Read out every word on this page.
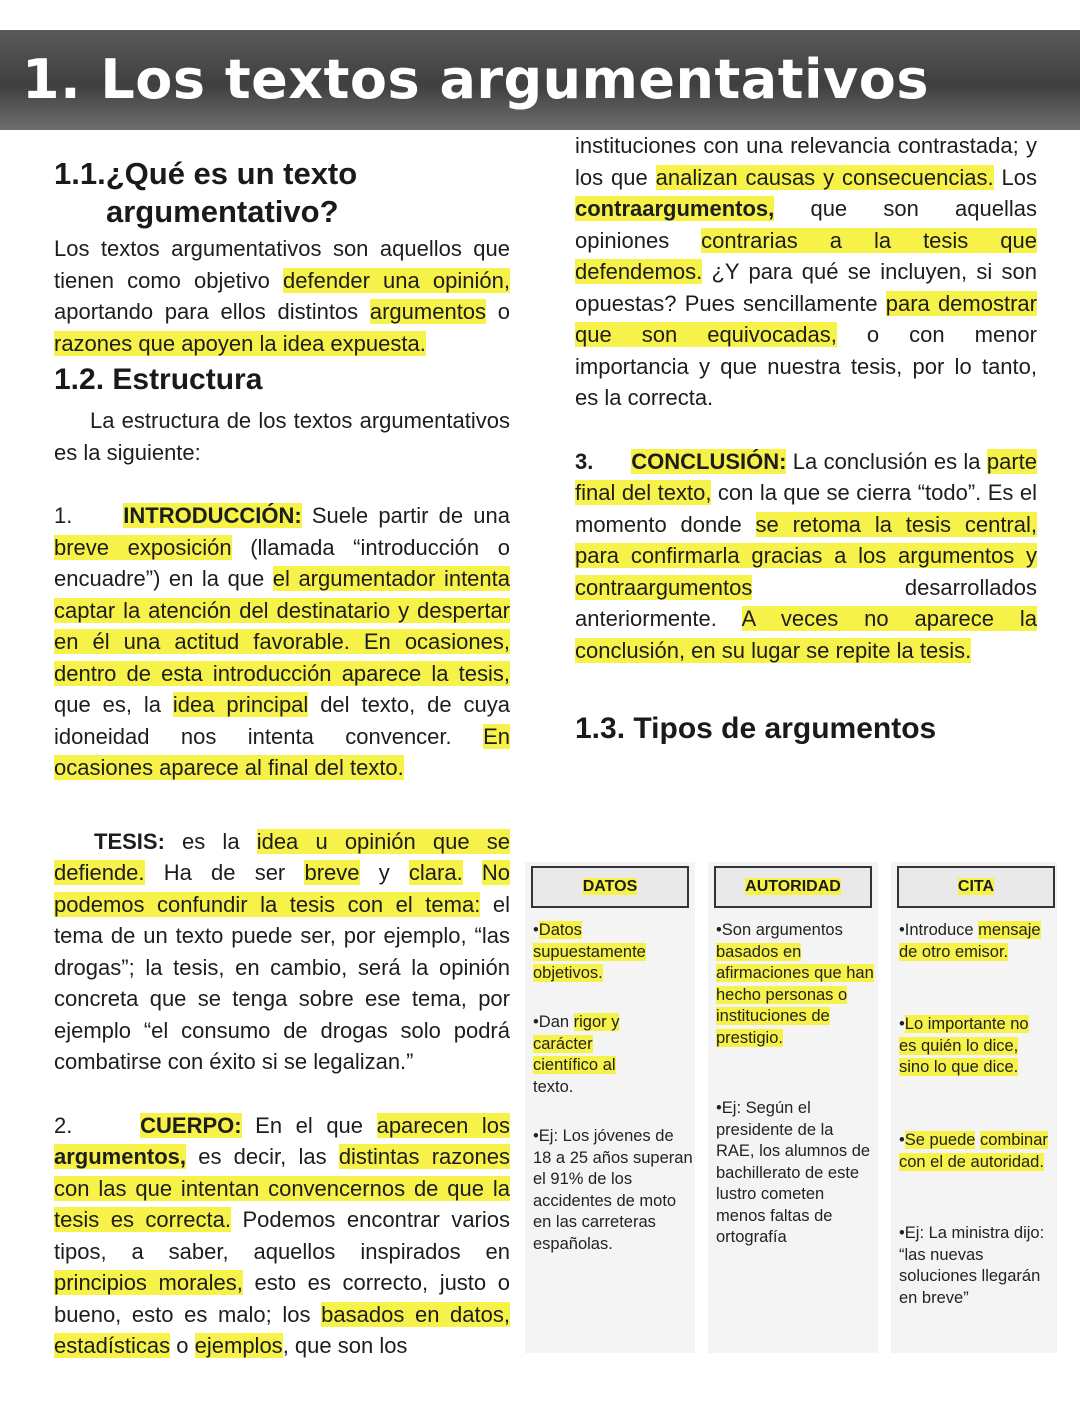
1. Los textos argumentativos
1.1.¿Qué es un texto
argumentativo?

Los textos argumentativos son aquellos que tienen como objetivo defender una opinión, aportando para ellos distintos argumentos o razones que apoyen la idea expuesta.

1.2. Estructura

La estructura de los textos argumentativos es la siguiente:

1. INTRODUCCIÓN: Suele partir de una breve exposición (llamada “introducción o encuadre”) en la que el argumentador intenta captar la atención del destinatario y despertar en él una actitud favorable. En ocasiones, dentro de esta introducción aparece la tesis, que es, la idea principal del texto, de cuya idoneidad nos intenta convencer. En ocasiones aparece al final del texto.

TESIS: es la idea u opinión que se defiende. Ha de ser breve y clara. No podemos confundir la tesis con el tema: el tema de un texto puede ser, por ejemplo, “las drogas”; la tesis, en cambio, será la opinión concreta que se tenga sobre ese tema, por ejemplo “el consumo de drogas solo podrá combatirse con éxito si se legalizan.”

2.	CUERPO: En el que aparecen los argumentos, es decir, las distintas razones con las que intentan convencernos de que la tesis es correcta. Podemos encontrar varios tipos, a saber, aquellos inspirados en principios morales, esto es correcto, justo o bueno, esto es malo; los basados en datos, estadísticas o ejemplos, que son los

instituciones con una relevancia contrastada; y los que analizan causas y consecuencias. Los contraargumentos, que son aquellas opiniones contrarias a la tesis que defendemos. ¿Y para qué se incluyen, si son opuestas? Pues sencillamente para demostrar que son equivocadas, o con menor importancia y que nuestra tesis, por lo tanto, es la correcta.

3. CONCLUSIÓN: La conclusión es la parte final del texto, con la que se cierra “todo”. Es el momento donde se retoma la tesis central, para confirmarla gracias a los argumentos y contraargumentos desarrollados anteriormente. A veces no aparece la conclusión, en su lugar se repite la tesis.

1.3. Tipos de argumentos
DATOS
•Datos supuestamente objetivos.
•Dan rigor y carácter científico al texto.
•Ej: Los jóvenes de 18 a 25 años superan el 91% de los accidentes de moto en las carreteras españolas.
AUTORIDAD
•Son argumentos basados en afirmaciones que han hecho personas o instituciones de prestigio.
•Ej: Según el presidente de la RAE, los alumnos de bachillerato de este lustro cometen menos faltas de ortografía
CITA
•Introduce mensaje de otro emisor.
•Lo importante no es quién lo dice, sino lo que dice.
•Se puede combinar con el de autoridad.
•Ej: La ministra dijo: “las nuevas soluciones llegarán en breve”
